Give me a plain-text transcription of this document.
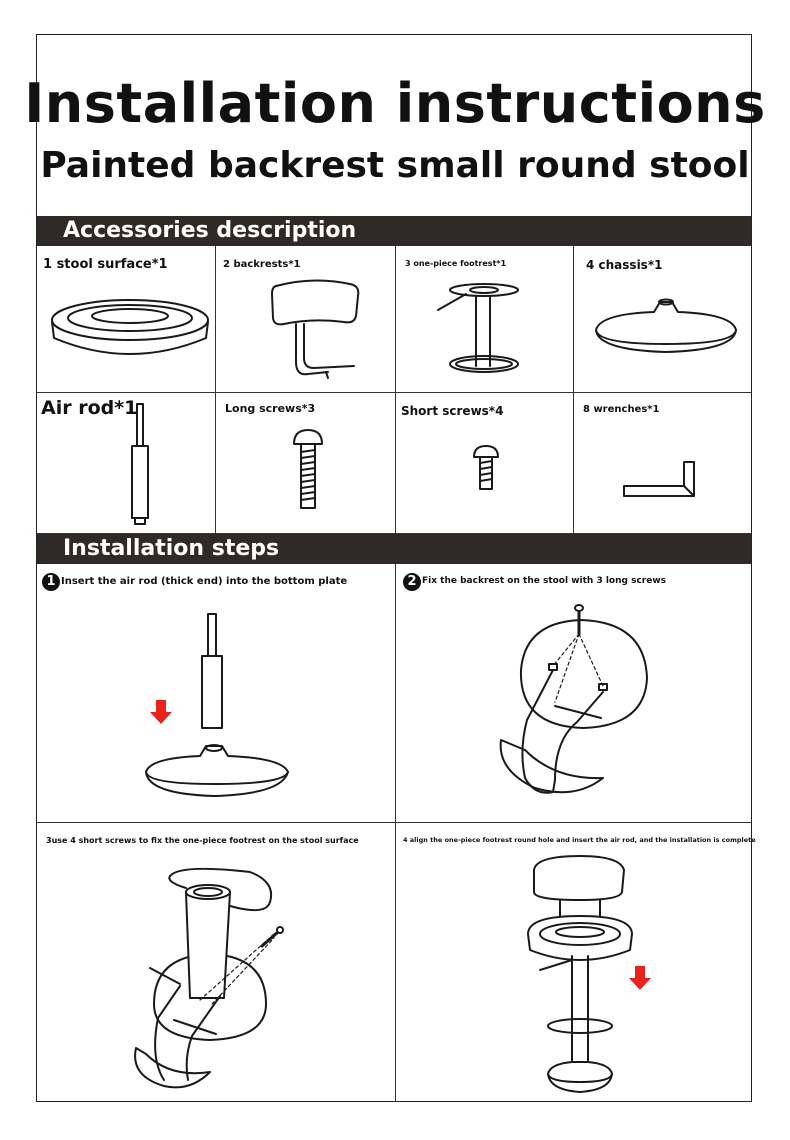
Installation instructions
Painted backrest small round stool
Accessories description
1 stool surface*1	2 backrests*1	3 one-piece footrest*1	4 chassis*1
Air rod*1	Long screws*3	Short screws*4	8 wrenches*1
Installation steps
1 Insert the air rod (thick end) into the bottom plate	2 Fix the backrest on the stool with 3 long screws
3use 4 short screws to fix the one-piece footrest on the stool surface	4 align the one-piece footrest round hole and insert the air rod, and the installation is complete
